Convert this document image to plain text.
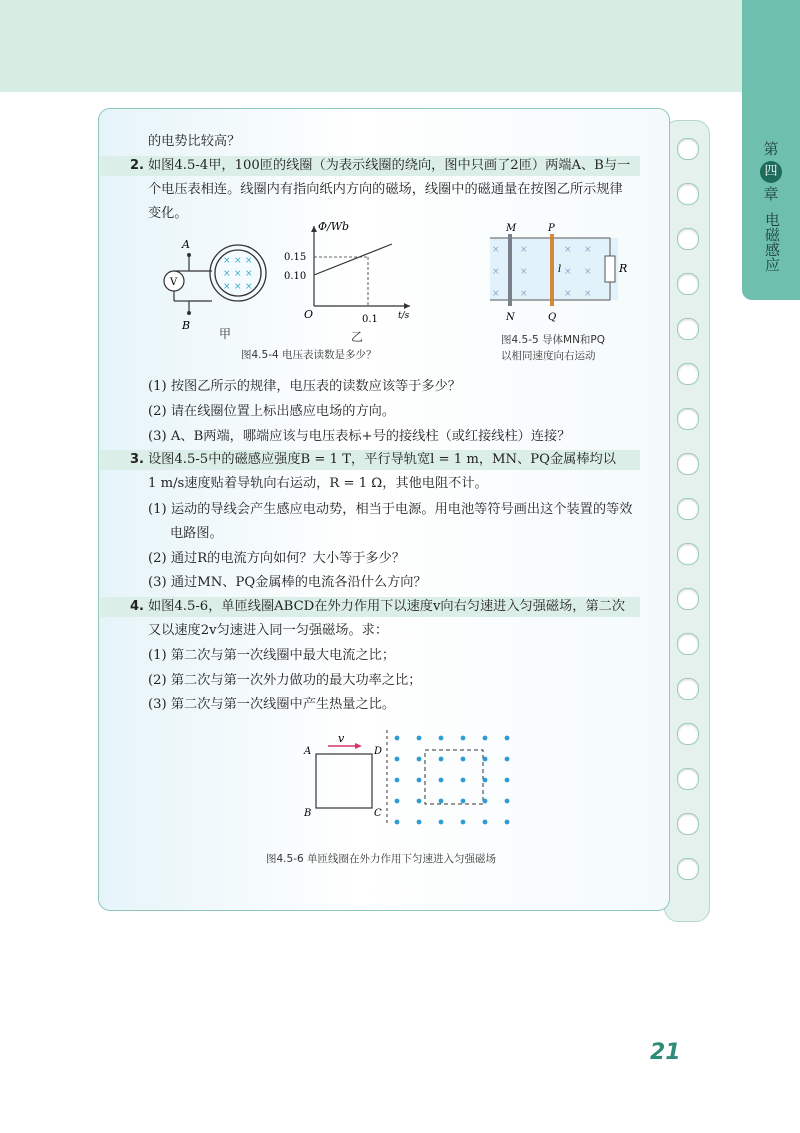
第
四
章
电磁感应
的电势比较高？
2. 如图4.5-4甲，100匝的线圈（为表示线圈的绕向，图中只画了2匝）两端A、B与一
个电压表相连。线圈内有指向纸内方向的磁场，线圈中的磁通量在按图乙所示规律
变化。
A
V
B
× × ×
× × ×
× × ×
甲
Φ/Wb
t/s
O
0.15
0.10
0.1
乙
图4.5-4 电压表读数是多少？
R
× ×	× ×
× ×	× ×
× ×	× ×
M
N
P
Q
l
图4.5-5 导体MN和PQ
以相同速度向右运动
(1) 按图乙所示的规律，电压表的读数应该等于多少？
(2) 请在线圈位置上标出感应电场的方向。
(3) A、B两端，哪端应该与电压表标+号的接线柱（或红接线柱）连接？
3. 设图4.5-5中的磁感应强度B = 1 T，平行导轨宽l = 1 m，MN、PQ金属棒均以
1 m/s速度贴着导轨向右运动，R = 1 Ω，其他电阻不计。
(1) 运动的导线会产生感应电动势，相当于电源。用电池等符号画出这个装置的等效
电路图。
(2) 通过R的电流方向如何？大小等于多少？
(3) 通过MN、PQ金属棒的电流各沿什么方向？
4. 如图4.5-6，单匝线圈ABCD在外力作用下以速度v向右匀速进入匀强磁场，第二次
又以速度2v匀速进入同一匀强磁场。求：
(1) 第二次与第一次线圈中最大电流之比；
(2) 第二次与第一次外力做功的最大功率之比；
(3) 第二次与第一次线圈中产生热量之比。
v
A	D
B	C
图4.5-6 单匝线圈在外力作用下匀速进入匀强磁场
21
